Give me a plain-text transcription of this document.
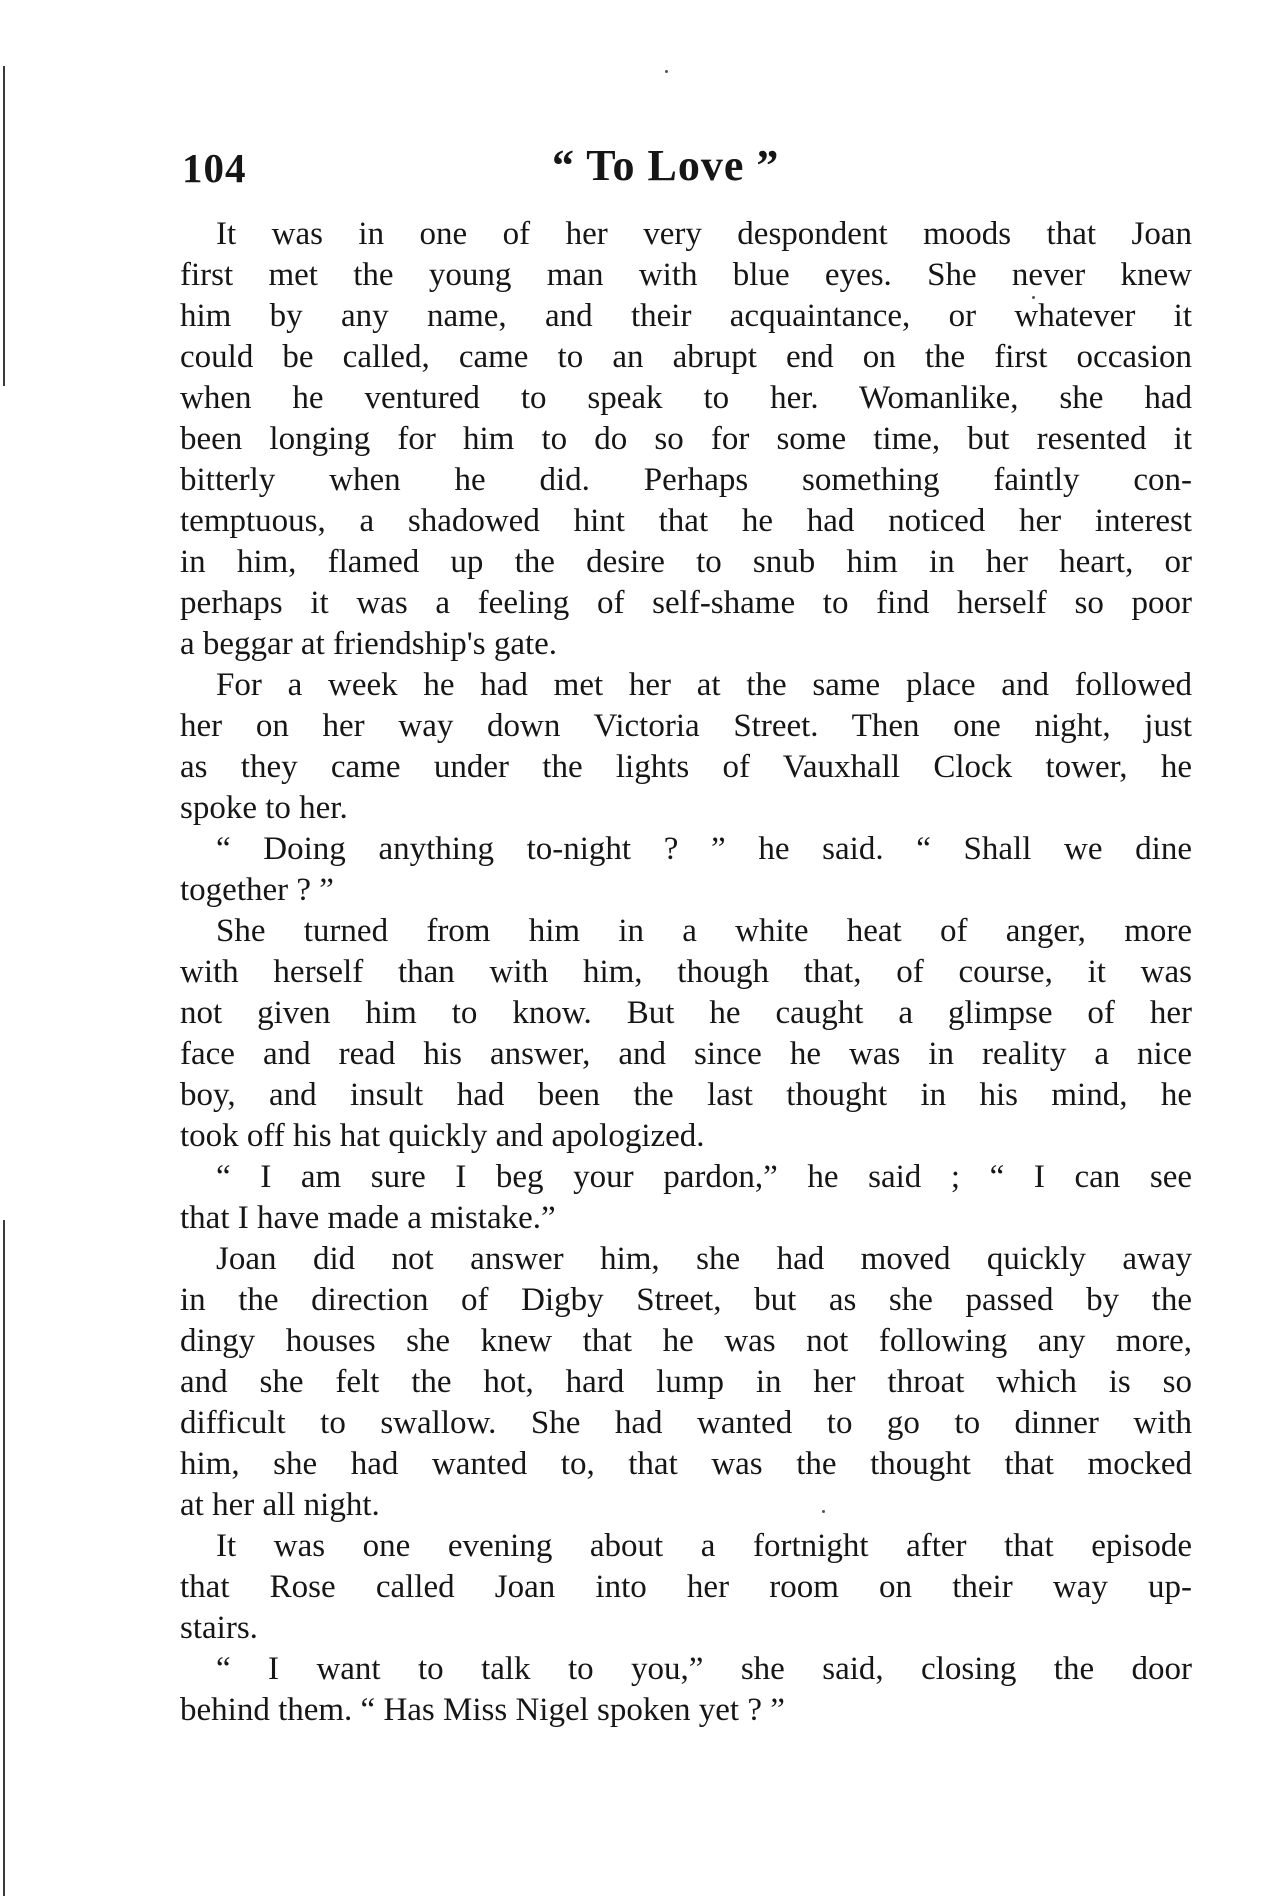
104	“ To Love ”
It was in one of her very despondent moods that Joan
first met the young man with blue eyes. She never knew
him by any name, and their acquaintance, or whatever it
could be called, came to an abrupt end on the first occasion
when he ventured to speak to her. Womanlike, she had
been longing for him to do so for some time, but resented it
bitterly when he did. Perhaps something faintly con-
temptuous, a shadowed hint that he had noticed her interest
in him, flamed up the desire to snub him in her heart, or
perhaps it was a feeling of self-shame to find herself so poor
a beggar at friendship's gate.
For a week he had met her at the same place and followed
her on her way down Victoria Street. Then one night, just
as they came under the lights of Vauxhall Clock tower, he
spoke to her.
“ Doing anything to-night ? ” he said. “ Shall we dine
together ? ”
She turned from him in a white heat of anger, more
with herself than with him, though that, of course, it was
not given him to know. But he caught a glimpse of her
face and read his answer, and since he was in reality a nice
boy, and insult had been the last thought in his mind, he
took off his hat quickly and apologized.
“ I am sure I beg your pardon,” he said ; “ I can see
that I have made a mistake.”
Joan did not answer him, she had moved quickly away
in the direction of Digby Street, but as she passed by the
dingy houses she knew that he was not following any more,
and she felt the hot, hard lump in her throat which is so
difficult to swallow. She had wanted to go to dinner with
him, she had wanted to, that was the thought that mocked
at her all night.
It was one evening about a fortnight after that episode
that Rose called Joan into her room on their way up-
stairs.
“ I want to talk to you,” she said, closing the door
behind them. “ Has Miss Nigel spoken yet ? ”
